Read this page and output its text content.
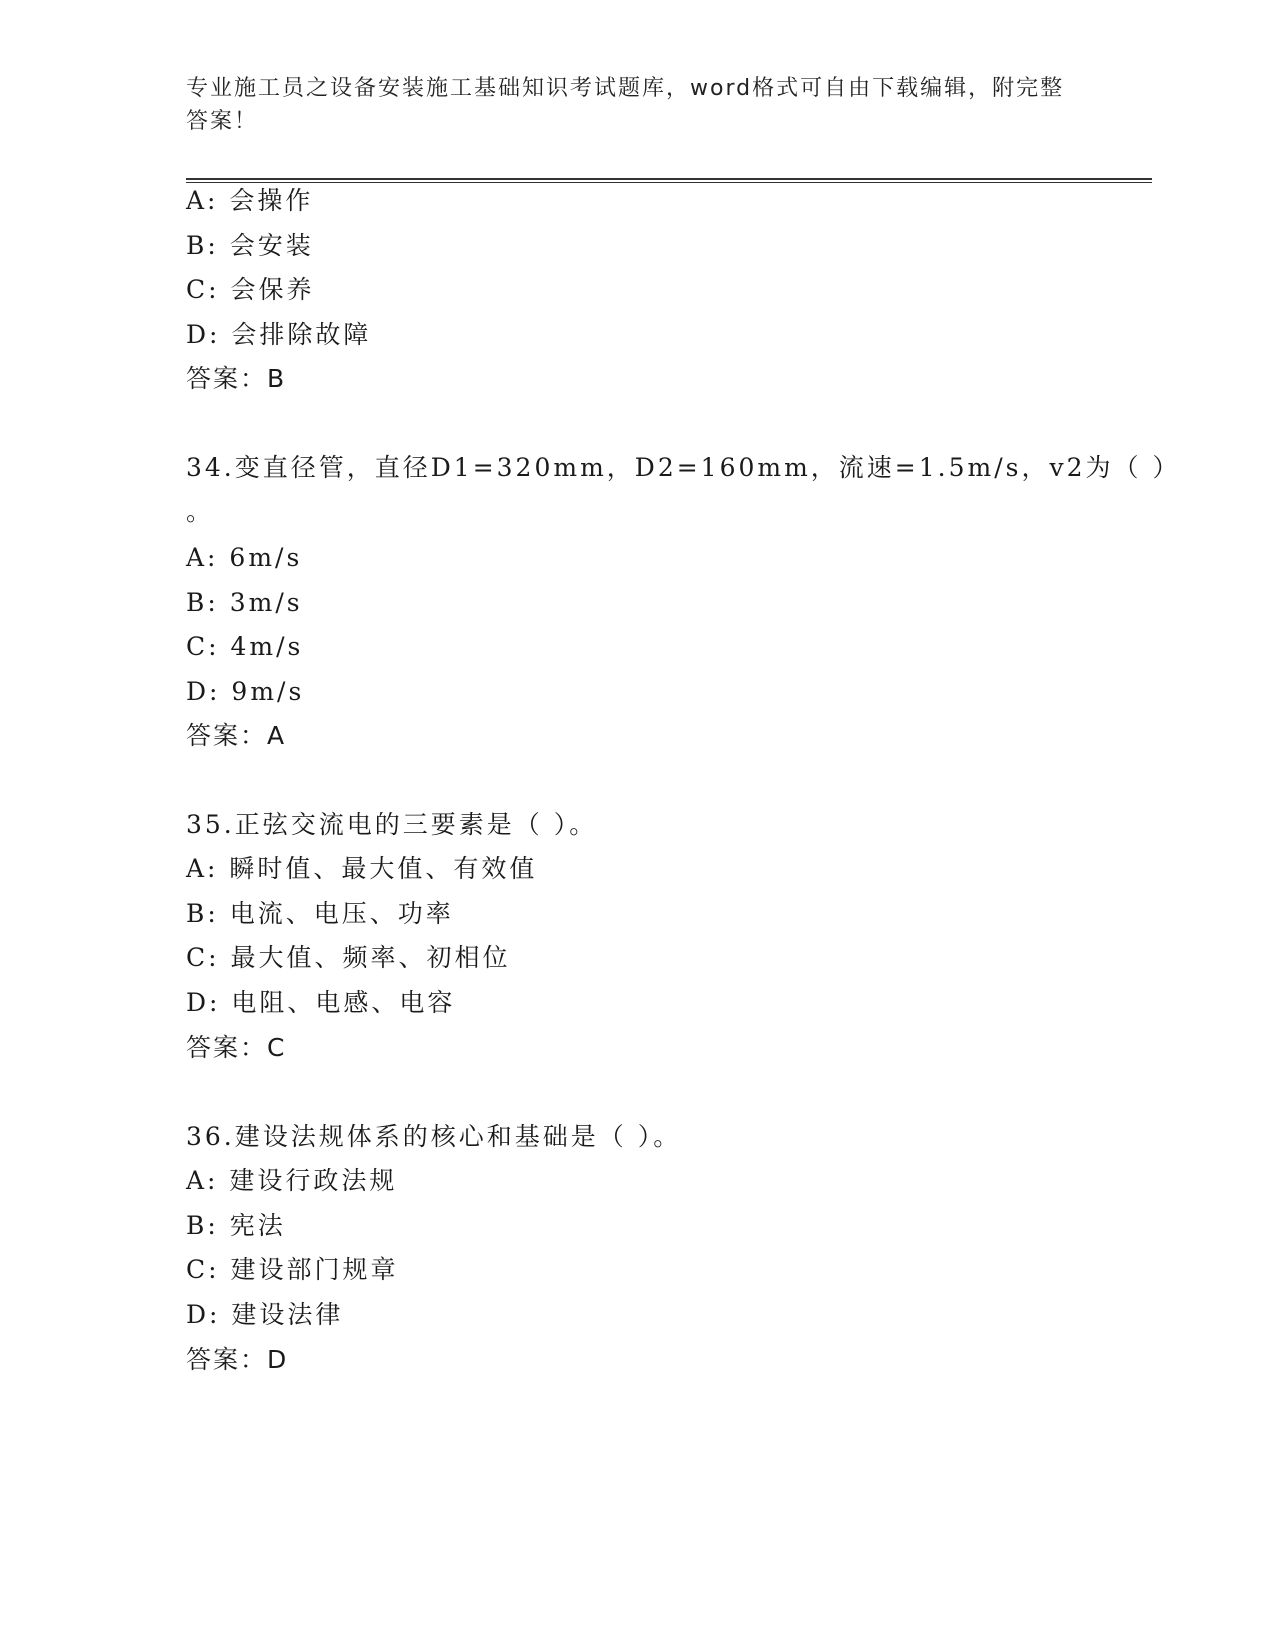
专业施工员之设备安装施工基础知识考试题库，word格式可自由下载编辑，附完整答案！
A: 会操作
B: 会安装
C: 会保养
D: 会排除故障
答案：B
34.变直径管，直径D1=320mm，D2=160mm，流速=1.5m/s，v2为（ ）
。
A: 6m/s
B: 3m/s
C: 4m/s
D: 9m/s
答案：A
35.正弦交流电的三要素是（ ）。
A: 瞬时值、最大值、有效值
B: 电流、电压、功率
C: 最大值、频率、初相位
D: 电阻、电感、电容
答案：C
36.建设法规体系的核心和基础是（ ）。
A: 建设行政法规
B: 宪法
C: 建设部门规章
D: 建设法律
答案：D
